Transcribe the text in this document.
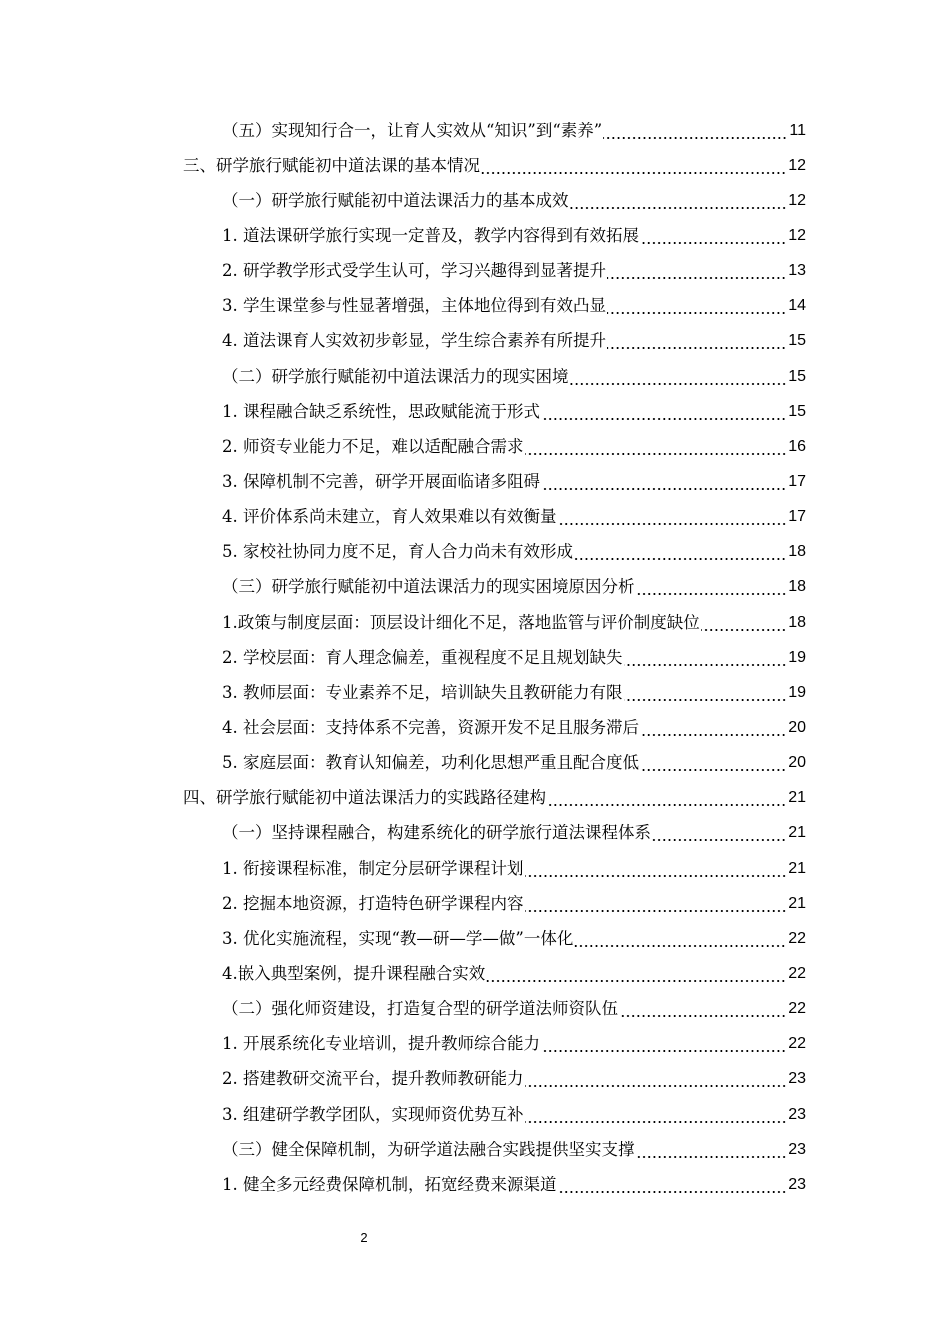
（五）实现知行合一，让育人实效从“知识”到“素养”	11
三、研学旅行赋能初中道法课的基本情况	12
（一）研学旅行赋能初中道法课活力的基本成效	12
1. 道法课研学旅行实现一定普及，教学内容得到有效拓展	12
2. 研学教学形式受学生认可，学习兴趣得到显著提升	13
3. 学生课堂参与性显著增强，主体地位得到有效凸显	14
4. 道法课育人实效初步彰显，学生综合素养有所提升	15
（二）研学旅行赋能初中道法课活力的现实困境	15
1. 课程融合缺乏系统性，思政赋能流于形式	15
2. 师资专业能力不足，难以适配融合需求	16
3. 保障机制不完善，研学开展面临诸多阻碍	17
4. 评价体系尚未建立，育人效果难以有效衡量	17
5. 家校社协同力度不足，育人合力尚未有效形成	18
（三）研学旅行赋能初中道法课活力的现实困境原因分析	18
1.政策与制度层面：顶层设计细化不足，落地监管与评价制度缺位	18
2. 学校层面：育人理念偏差，重视程度不足且规划缺失	19
3. 教师层面：专业素养不足，培训缺失且教研能力有限	19
4. 社会层面：支持体系不完善，资源开发不足且服务滞后	20
5. 家庭层面：教育认知偏差，功利化思想严重且配合度低	20
四、研学旅行赋能初中道法课活力的实践路径建构	21
（一）坚持课程融合，构建系统化的研学旅行道法课程体系	21
1. 衔接课程标准，制定分层研学课程计划	21
2. 挖掘本地资源，打造特色研学课程内容	21
3. 优化实施流程，实现“教—研—学—做”一体化	22
4.嵌入典型案例，提升课程融合实效	22
（二）强化师资建设，打造复合型的研学道法师资队伍	22
1. 开展系统化专业培训，提升教师综合能力	22
2. 搭建教研交流平台，提升教师教研能力	23
3. 组建研学教学团队，实现师资优势互补	23
（三）健全保障机制，为研学道法融合实践提供坚实支撑	23
1. 健全多元经费保障机制，拓宽经费来源渠道	23
2
